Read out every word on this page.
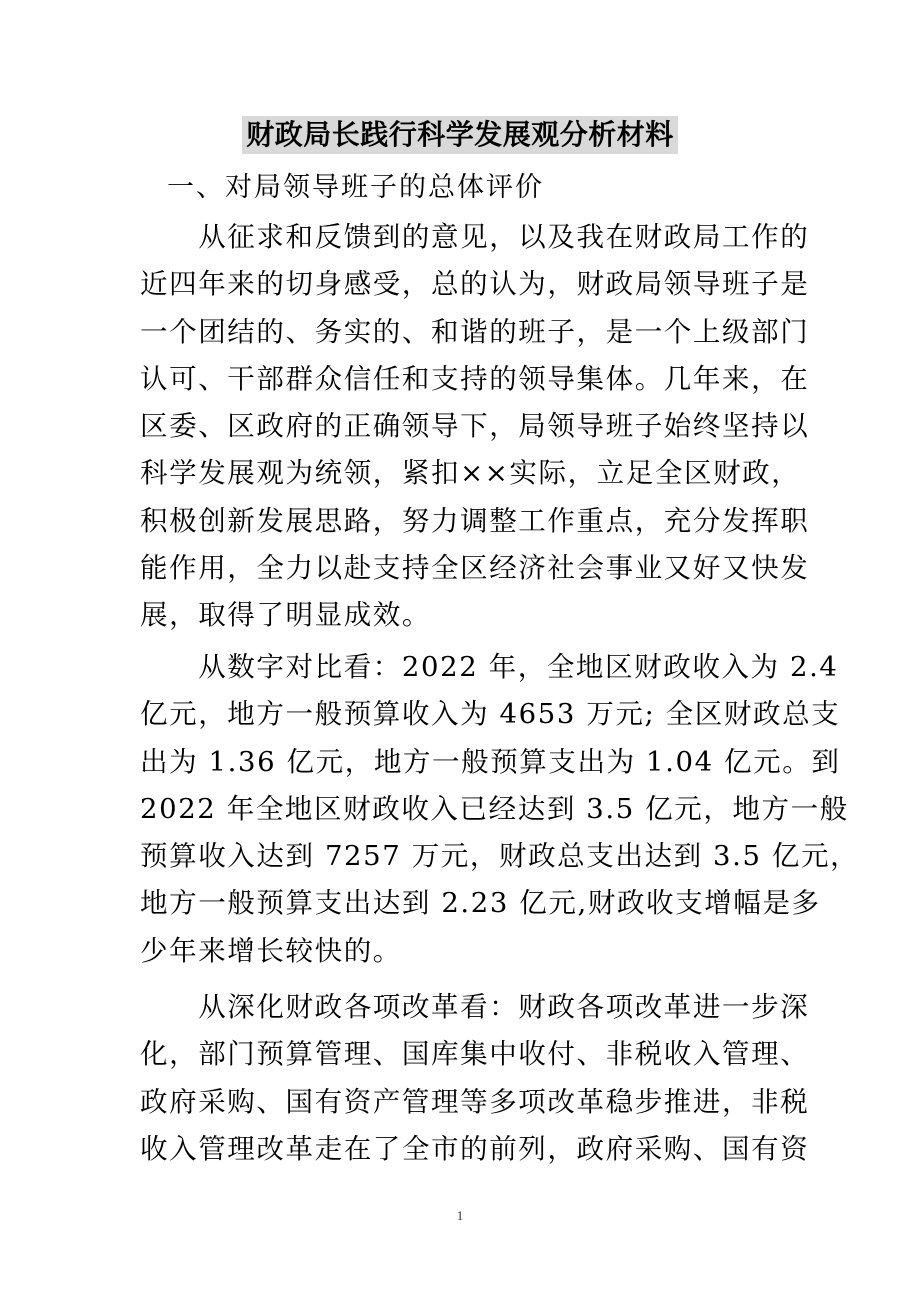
财政局长践行科学发展观分析材料
一、对局领导班子的总体评价
　　从征求和反馈到的意见，以及我在财政局工作的
近四年来的切身感受，总的认为，财政局领导班子是
一个团结的、务实的、和谐的班子，是一个上级部门
认可、干部群众信任和支持的领导集体。几年来，在
区委、区政府的正确领导下，局领导班子始终坚持以
科学发展观为统领，紧扣××实际，立足全区财政，
积极创新发展思路，努力调整工作重点，充分发挥职
能作用，全力以赴支持全区经济社会事业又好又快发
展，取得了明显成效。
　　从数字对比看：2022 年，全地区财政收入为 2.4
亿元，地方一般预算收入为 4653 万元; 全区财政总支
出为 1.36 亿元，地方一般预算支出为 1.04 亿元。到
2022 年全地区财政收入已经达到 3.5 亿元，地方一般
预算收入达到 7257 万元，财政总支出达到 3.5 亿元，
地方一般预算支出达到 2.23 亿元,财政收支增幅是多
少年来增长较快的。
　　从深化财政各项改革看：财政各项改革进一步深
化，部门预算管理、国库集中收付、非税收入管理、
政府采购、国有资产管理等多项改革稳步推进，非税
收入管理改革走在了全市的前列，政府采购、国有资
1
